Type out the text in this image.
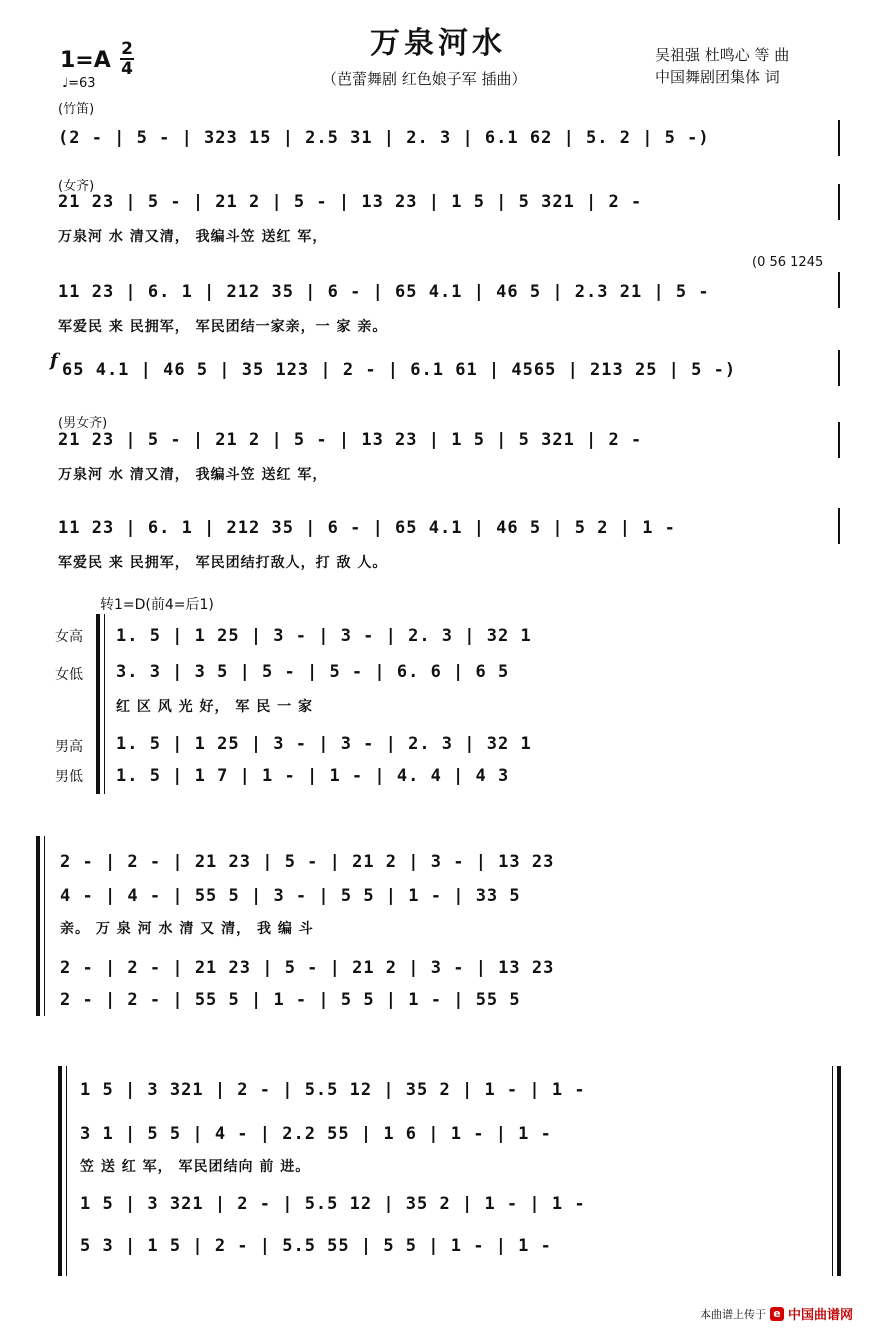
万泉河水
（芭蕾舞剧 红色娘子军 插曲）
1=A 2
4
♩=63
吴祖强 杜鸣心 等 曲
中国舞剧团集体 词
(竹笛)
(2 - | 5 - | 323 15 | 2.5 31 | 2. 3 | 6.1 62 | 5. 2 | 5 -)
(女齐)
21 23 | 5 - | 21 2 | 5 - | 13 23 | 1 5 | 5 321 | 2 -
万泉河 水 清又清， 我编斗笠 送红 军，
11 23 | 6. 1 | 212 35 | 6 - | 65 4.1 | 46 5 | 2.3 21 | 5 -
(0 56 1245
军爱民 来 民拥军， 军民团结一家亲，一 家 亲。
f 65 4.1 | 46 5 | 35 123 | 2 - | 6.1 61 | 4565 | 213 25 | 5 -)
(男女齐)
21 23 | 5 - | 21 2 | 5 - | 13 23 | 1 5 | 5 321 | 2 -
万泉河 水 清又清， 我编斗笠 送红 军，
11 23 | 6. 1 | 212 35 | 6 - | 65 4.1 | 46 5 | 5 2 | 1 -
军爱民 来 民拥军， 军民团结打敌人，打 敌 人。
转1=D(前4=后1)
女高
女低
男高
男低
1. 5 | 1 25 | 3 - | 3 - | 2. 3 | 32 1
3. 3 | 3 5 | 5 - | 5 - | 6. 6 | 6 5
红 区 风 光 好， 军 民 一 家
1. 5 | 1 25 | 3 - | 3 - | 2. 3 | 32 1
1. 5 | 1 7 | 1 - | 1 - | 4. 4 | 4 3
2 - | 2 - | 21 23 | 5 - | 21 2 | 3 - | 13 23
4 - | 4 - | 55 5 | 3 - | 5 5 | 1 - | 33 5
亲。 万 泉 河 水 清 又 清， 我 编 斗
2 - | 2 - | 21 23 | 5 - | 21 2 | 3 - | 13 23
2 - | 2 - | 55 5 | 1 - | 5 5 | 1 - | 55 5
1 5 | 3 321 | 2 - | 5.5 12 | 35 2 | 1 - | 1 -
3 1 | 5 5 | 4 - | 2.2 55 | 1 6 | 1 - | 1 -
笠 送 红 军， 军民团结向 前 进。
1 5 | 3 321 | 2 - | 5.5 12 | 35 2 | 1 - | 1 -
5 3 | 1 5 | 2 - | 5.5 55 | 5 5 | 1 - | 1 -
本曲谱上传于 e 中国曲谱网
